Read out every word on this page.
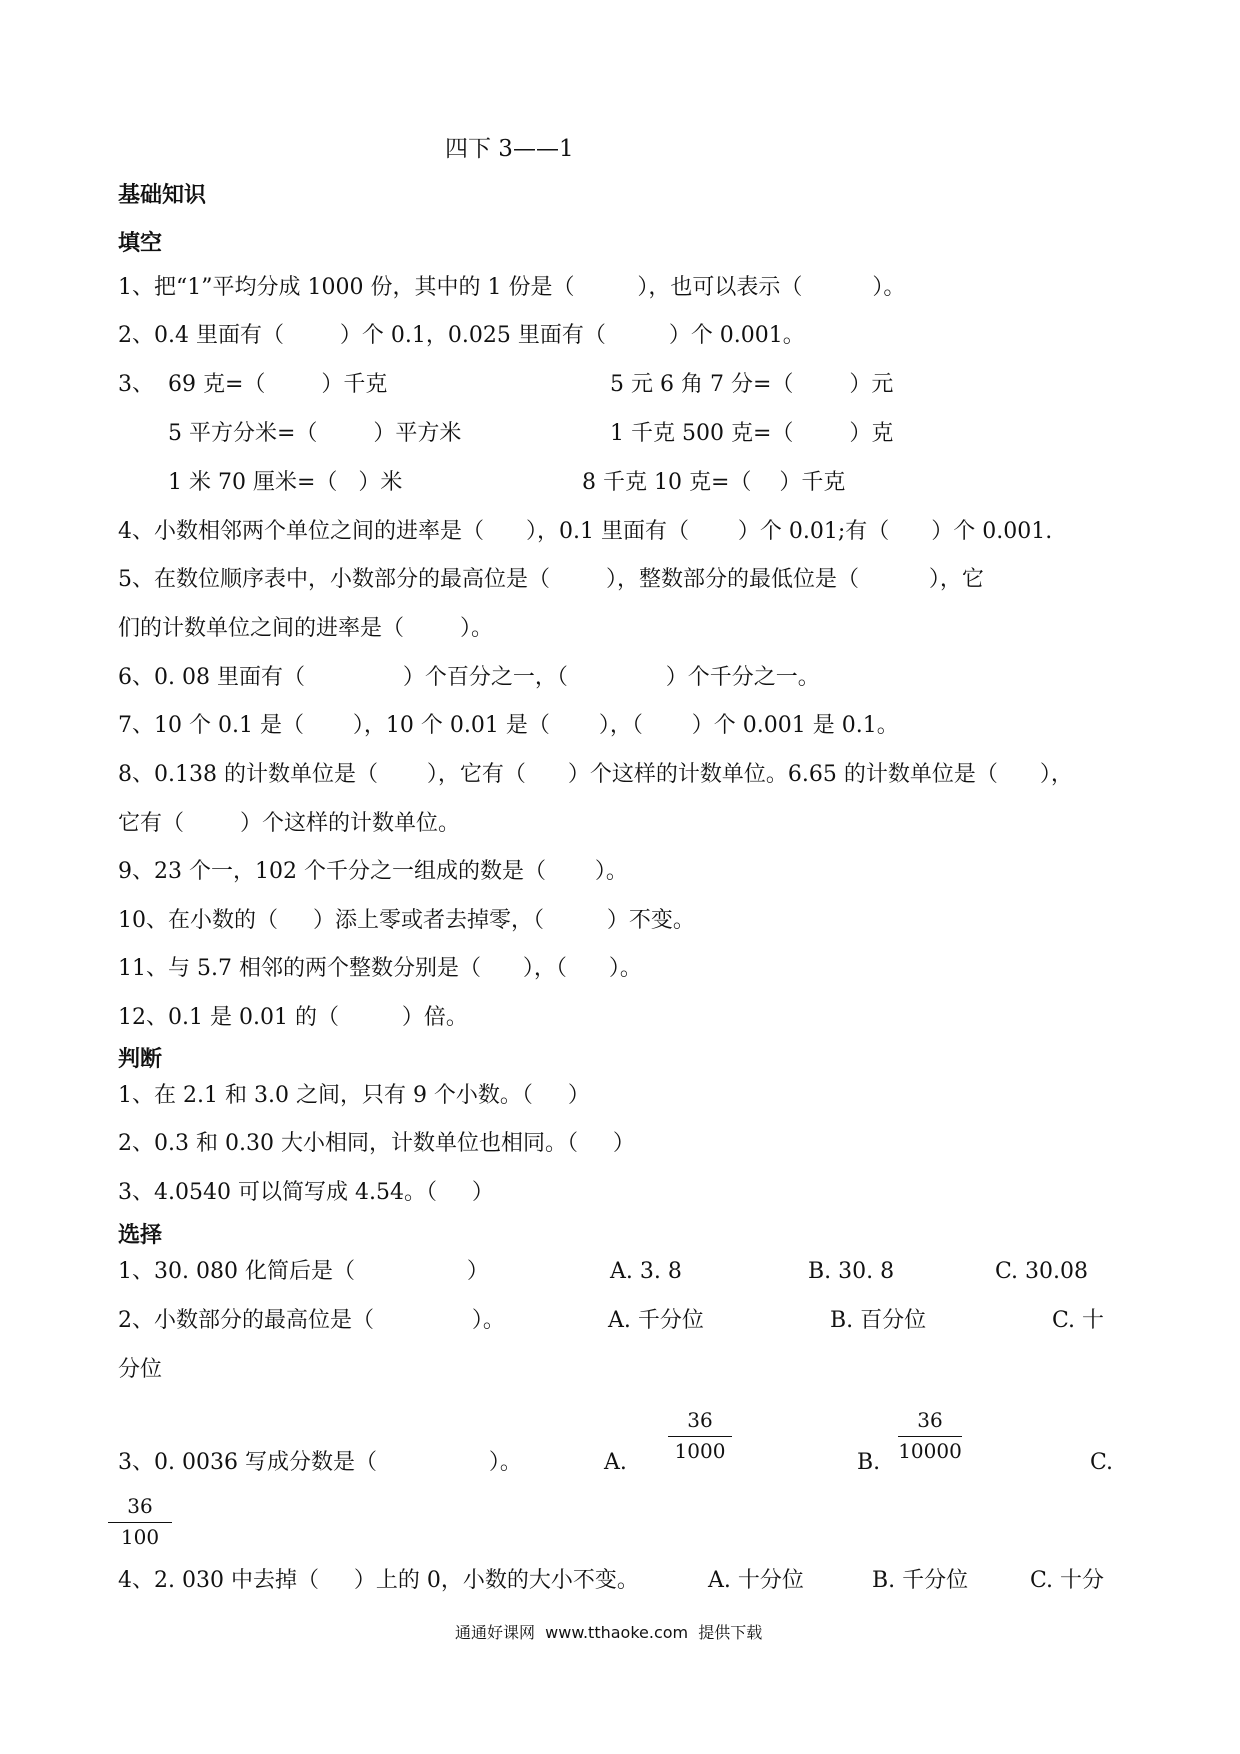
四下 3——1
基础知识
填空
1、把“1”平均分成 1000 份，其中的 1 份是（         ），也可以表示（          ）。
2、0.4 里面有（        ）个 0.1，0.025 里面有（         ）个 0.001。
3、  69 克=（        ）千克	5 元 6 角 7 分=（        ）元
5 平方分米=（        ）平方米	1 千克 500 克=（        ）克
1 米 70 厘米=（   ）米	8 千克 10 克=（    ）千克
4、小数相邻两个单位之间的进率是（      ），0.1 里面有（       ）个 0.01;有（      ）个 0.001.
5、在数位顺序表中，小数部分的最高位是（        ），整数部分的最低位是（          ），它
们的计数单位之间的进率是（        ）。
6、0. 08 里面有（              ）个百分之一，（              ）个千分之一。
7、10 个 0.1 是（       ），10 个 0.01 是（       ），（       ）个 0.001 是 0.1。
8、0.138 的计数单位是（       ），它有（      ）个这样的计数单位。6.65 的计数单位是（      ），
它有（        ）个这样的计数单位。
9、23 个一，102 个千分之一组成的数是（       ）。
10、在小数的（     ）添上零或者去掉零，（         ）不变。
11、与 5.7 相邻的两个整数分别是（      ），（      ）。
12、0.1 是 0.01 的（         ）倍。
判断
1、在 2.1 和 3.0 之间，只有 9 个小数。（     ）
2、0.3 和 0.30 大小相同，计数单位也相同。（     ）
3、4.0540 可以简写成 4.54。（     ）
选择
1、30. 080 化简后是（                ）	A. 3. 8	B. 30. 8	C. 30.08
2、小数部分的最高位是（              ）。	A. 千分位	B. 百分位	C. 十
分位
3、0. 0036 写成分数是（                ）。	A. $\frac{36}{1000}$	B. $\frac{36}{10000}$	C.
$\frac{36}{100}$
4、2. 030 中去掉（     ）上的 0，小数的大小不变。	A. 十分位	B. 千分位	C. 十分
通通好课网  www.tthaoke.com  提供下载
